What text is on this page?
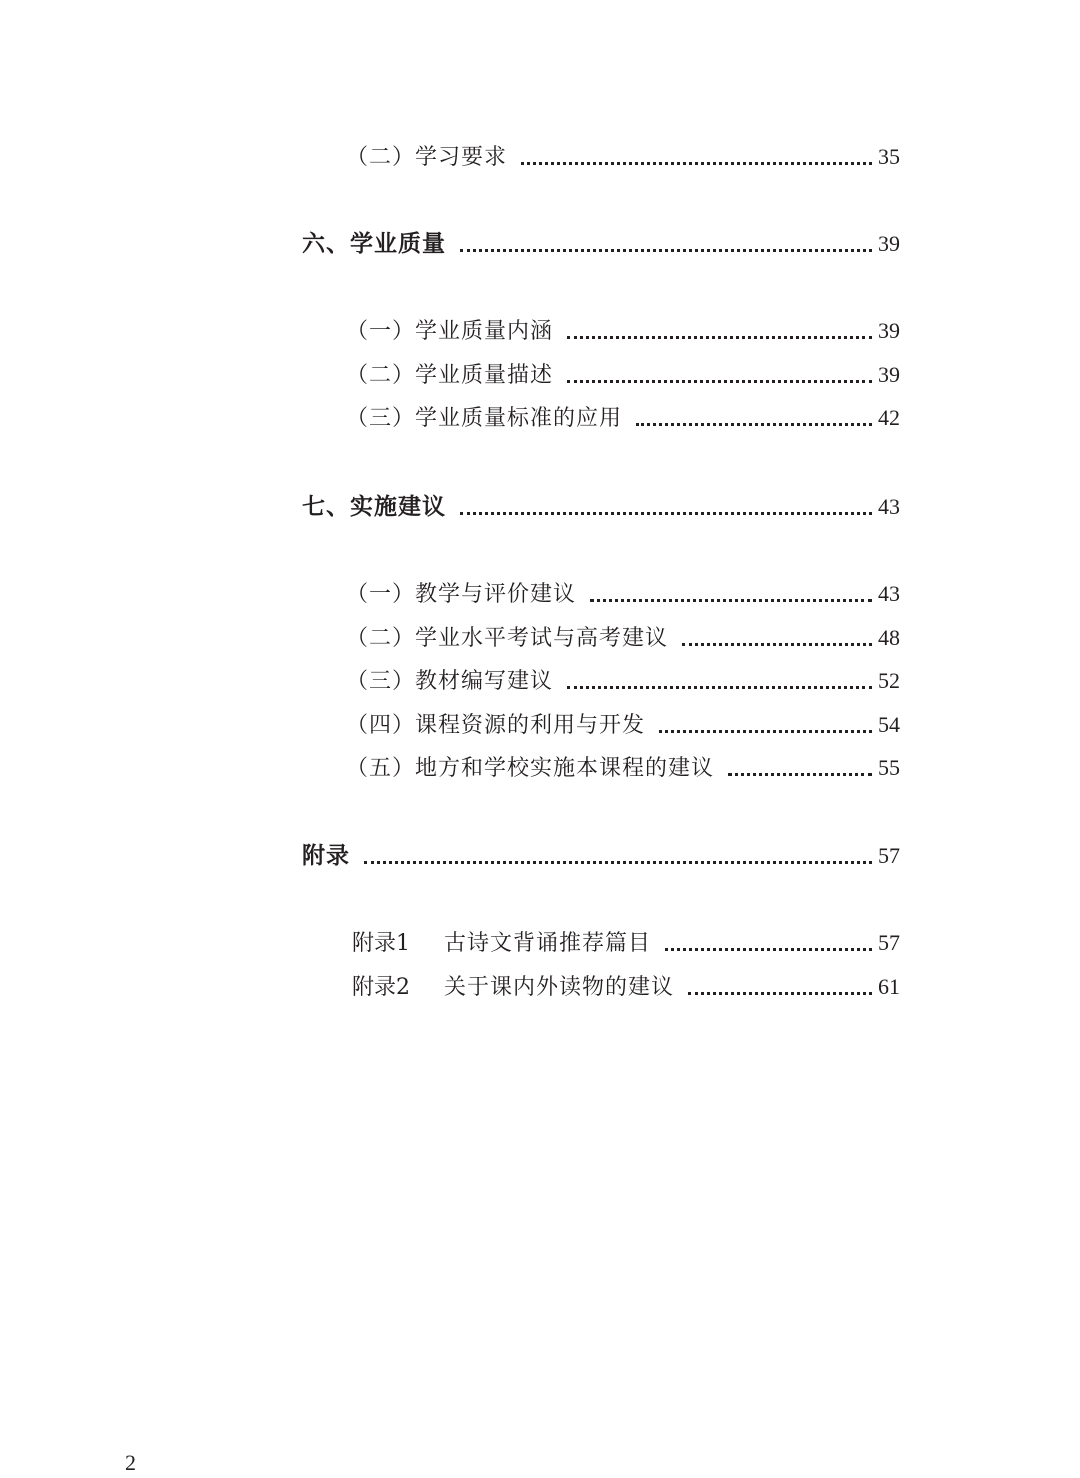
（二）学习要求	35
六、学业质量	39
（一）学业质量内涵	39
（二）学业质量描述	39
（三）学业质量标准的应用	42
七、实施建议	43
（一）教学与评价建议	43
（二）学业水平考试与高考建议	48
（三）教材编写建议	52
（四）课程资源的利用与开发	54
（五）地方和学校实施本课程的建议	55
附录	57
附录1	古诗文背诵推荐篇目	57
附录2	关于课内外读物的建议	61
2
